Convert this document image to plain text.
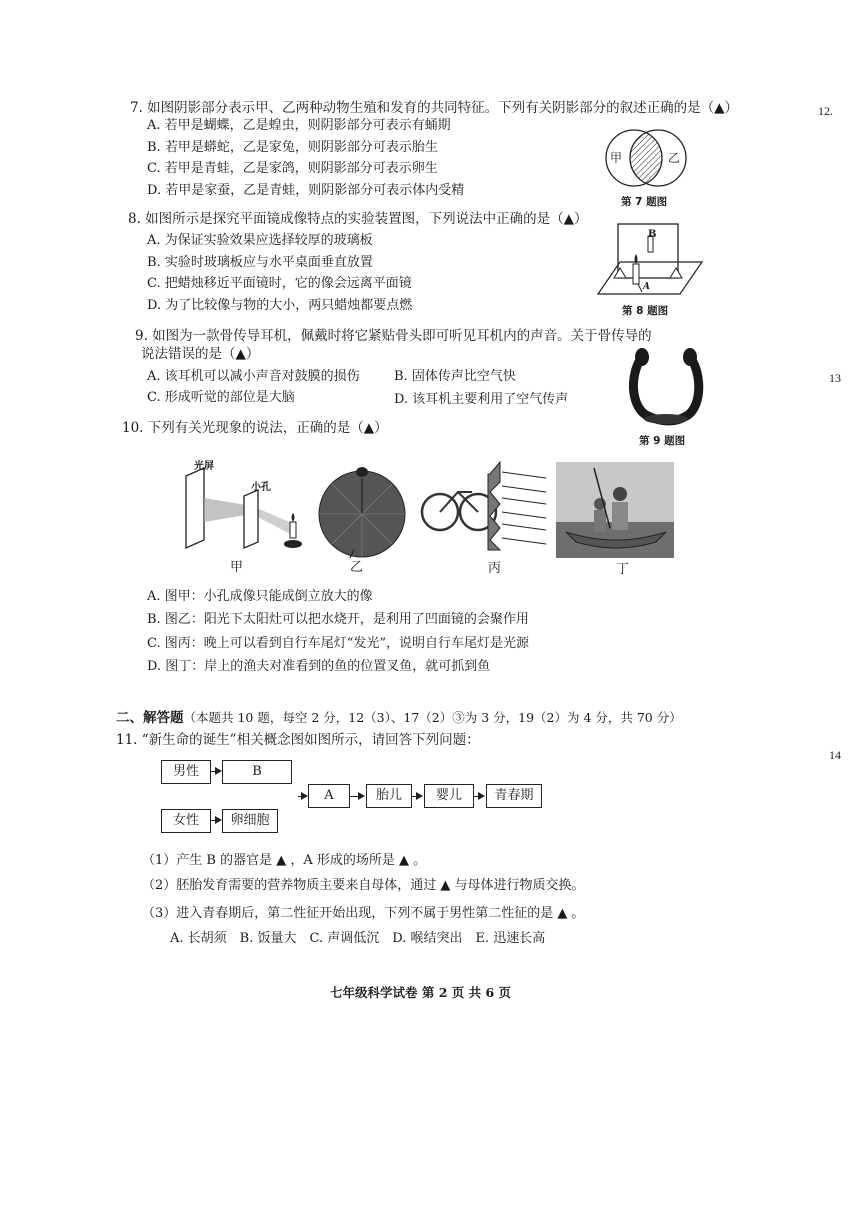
12.
13
14
7. 如图阴影部分表示甲、乙两种动物生殖和发育的共同特征。下列有关阴影部分的叙述正确的是（▲）
A. 若甲是蝴蝶，乙是蝗虫，则阴影部分可表示有蛹期
B. 若甲是蟒蛇，乙是家兔，则阴影部分可表示胎生
C. 若甲是青蛙，乙是家鸽，则阴影部分可表示卵生
D. 若甲是家蚕，乙是青蛙，则阴影部分可表示体内受精
甲	乙
第 7 题图
8. 如图所示是探究平面镜成像特点的实验装置图，下列说法中正确的是（▲）
A. 为保证实验效果应选择较厚的玻璃板
B. 实验时玻璃板应与水平桌面垂直放置
C. 把蜡烛移近平面镜时，它的像会远离平面镜
D. 为了比较像与物的大小，两只蜡烛都要点燃
B
A
第 8 题图
9. 如图为一款骨传导耳机，佩戴时将它紧贴骨头即可听见耳机内的声音。关于骨传导的
说法错误的是（▲）
A. 该耳机可以减小声音对鼓膜的损伤	B. 固体传声比空气快
C. 形成听觉的部位是大脑	D. 该耳机主要利用了空气传声
第 9 题图
10. 下列有关光现象的说法，正确的是（▲）
光屏
小孔
甲	乙	丙	丁
A. 图甲：小孔成像只能成倒立放大的像
B. 图乙：阳光下太阳灶可以把水烧开，是利用了凹面镜的会聚作用
C. 图丙：晚上可以看到自行车尾灯“发光”，说明自行车尾灯是光源
D. 图丁：岸上的渔夫对准看到的鱼的位置叉鱼，就可抓到鱼
二、解答题（本题共 10 题，每空 2 分，12（3）、17（2）③为 3 分，19（2）为 4 分，共 70 分）
11. “新生命的诞生”相关概念图如图所示，请回答下列问题：
男性	B
女性	卵细胞
A	胎儿	婴儿	青春期
（1）产生 B 的器官是 ▲ ，A 形成的场所是 ▲ 。
（2）胚胎发育需要的营养物质主要来自母体，通过 ▲ 与母体进行物质交换。
（3）进入青春期后，第二性征开始出现，下列不属于男性第二性征的是 ▲ 。
A. 长胡须　B. 饭量大　C. 声调低沉　D. 喉结突出　E. 迅速长高
七年级科学试卷 第 2 页 共 6 页
